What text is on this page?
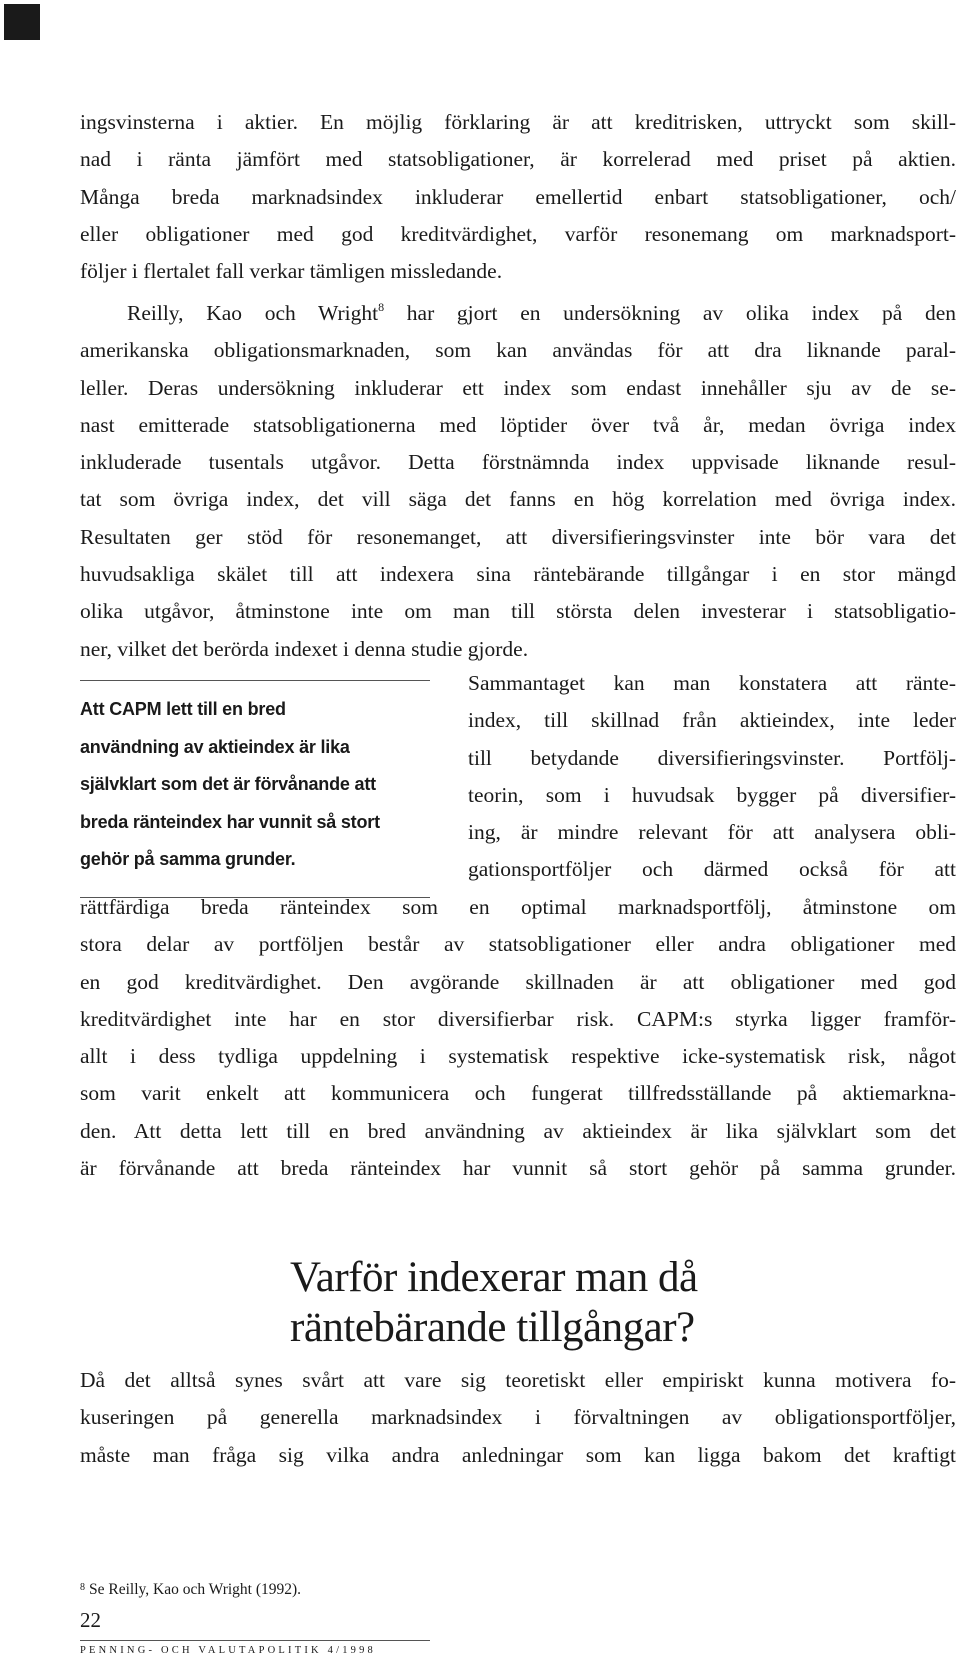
ingsvinsterna i aktier. En möjlig förklaring är att kreditrisken, uttryckt som skill-

nad i ränta jämfört med statsobligationer, är korrelerad med priset på aktien.

Många breda marknadsindex inkluderar emellertid enbart statsobligationer, och/

eller obligationer med god kreditvärdighet, varför resonemang om marknadsport-

följer i flertalet fall verkar tämligen missledande.

Reilly, Kao och Wright$^8$ har gjort en undersökning av olika index på den

amerikanska obligationsmarknaden, som kan användas för att dra liknande paral-

leller. Deras undersökning inkluderar ett index som endast innehåller sju av de se-

nast emitterade statsobligationerna med löptider över två år, medan övriga index

inkluderade tusentals utgåvor. Detta förstnämnda index uppvisade liknande resul-

tat som övriga index, det vill säga det fanns en hög korrelation med övriga index.

Resultaten ger stöd för resonemanget, att diversifieringsvinster inte bör vara det

huvudsakliga skälet till att indexera sina räntebärande tillgångar i en stor mängd

olika utgåvor, åtminstone inte om man till största delen investerar i statsobligatio-

ner, vilket det berörda indexet i denna studie gjorde.

Att CAPM lett till en bred

användning av aktieindex är lika

självklart som det är förvånande att

breda ränteindex har vunnit så stort

gehör på samma grunder.

Sammantaget kan man konstatera att ränte-

index, till skillnad från aktieindex, inte leder

till betydande diversifieringsvinster. Portfölj-

teorin, som i huvudsak bygger på diversifier-

ing, är mindre relevant för att analysera obli-

gationsportföljer och därmed också för att

rättfärdiga breda ränteindex som en optimal marknadsportfölj, åtminstone om

stora delar av portföljen består av statsobligationer eller andra obligationer med

en god kreditvärdighet. Den avgörande skillnaden är att obligationer med god

kreditvärdighet inte har en stor diversifierbar risk. CAPM:s styrka ligger framför-

allt i dess tydliga uppdelning i systematisk respektive icke-systematisk risk, något

som varit enkelt att kommunicera och fungerat tillfredsställande på aktiemarkna-

den. Att detta lett till en bred användning av aktieindex är lika självklart som det

är förvånande att breda ränteindex har vunnit så stort gehör på samma grunder.

Varför indexerar man då
räntebärande tillgångar?

Då det alltså synes svårt att vare sig teoretiskt eller empiriskt kunna motivera fo-

kuseringen på generella marknadsindex i förvaltningen av obligationsportföljer,

måste man fråga sig vilka andra anledningar som kan ligga bakom det kraftigt

$^8$ Se Reilly, Kao och Wright (1992).
22
PENNING- OCH VALUTAPOLITIK 4/1998
